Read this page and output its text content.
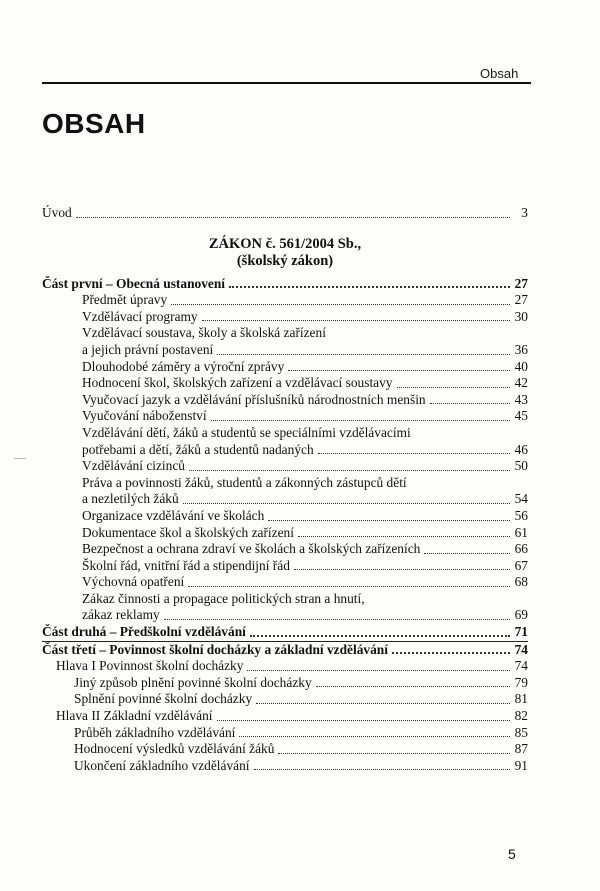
Obsah
OBSAH
Úvod	3
ZÁKON č. 561/2004 Sb.,
(školský zákon)
Část první – Obecná ustanovení	27
Předmět úpravy	27
Vzdělávací programy	30
Vzdělávací soustava, školy a školská zařízení
a jejich právní postavení	36
Dlouhodobé záměry a výroční zprávy	40
Hodnocení škol, školských zařízení a vzdělávací soustavy	42
Vyučovací jazyk a vzdělávání příslušníků národnostních menšin	43
Vyučování náboženství	45
Vzdělávání dětí, žáků a studentů se speciálními vzdělávacími
potřebami a dětí, žáků a studentů nadaných	46
Vzdělávání cizinců	50
Práva a povinnosti žáků, studentů a zákonných zástupců dětí
a nezletilých žáků	54
Organizace vzdělávání ve školách	56
Dokumentace škol a školských zařízení	61
Bezpečnost a ochrana zdraví ve školách a školských zařízeních	66
Školní řád, vnitřní řád a stipendijní řád	67
Výchovná opatření	68
Zákaz činnosti a propagace politických stran a hnutí,
zákaz reklamy	69
Část druhá – Předškolní vzdělávání	71
Část třetí – Povinnost školní docházky a základní vzdělávání	74
Hlava I Povinnost školní docházky	74
Jiný způsob plnění povinné školní docházky	79
Splnění povinné školní docházky	81
Hlava II Základní vzdělávání	82
Průběh základního vzdělávání	85
Hodnocení výsledků vzdělávání žáků	87
Ukončení základního vzdělávání	91
5
